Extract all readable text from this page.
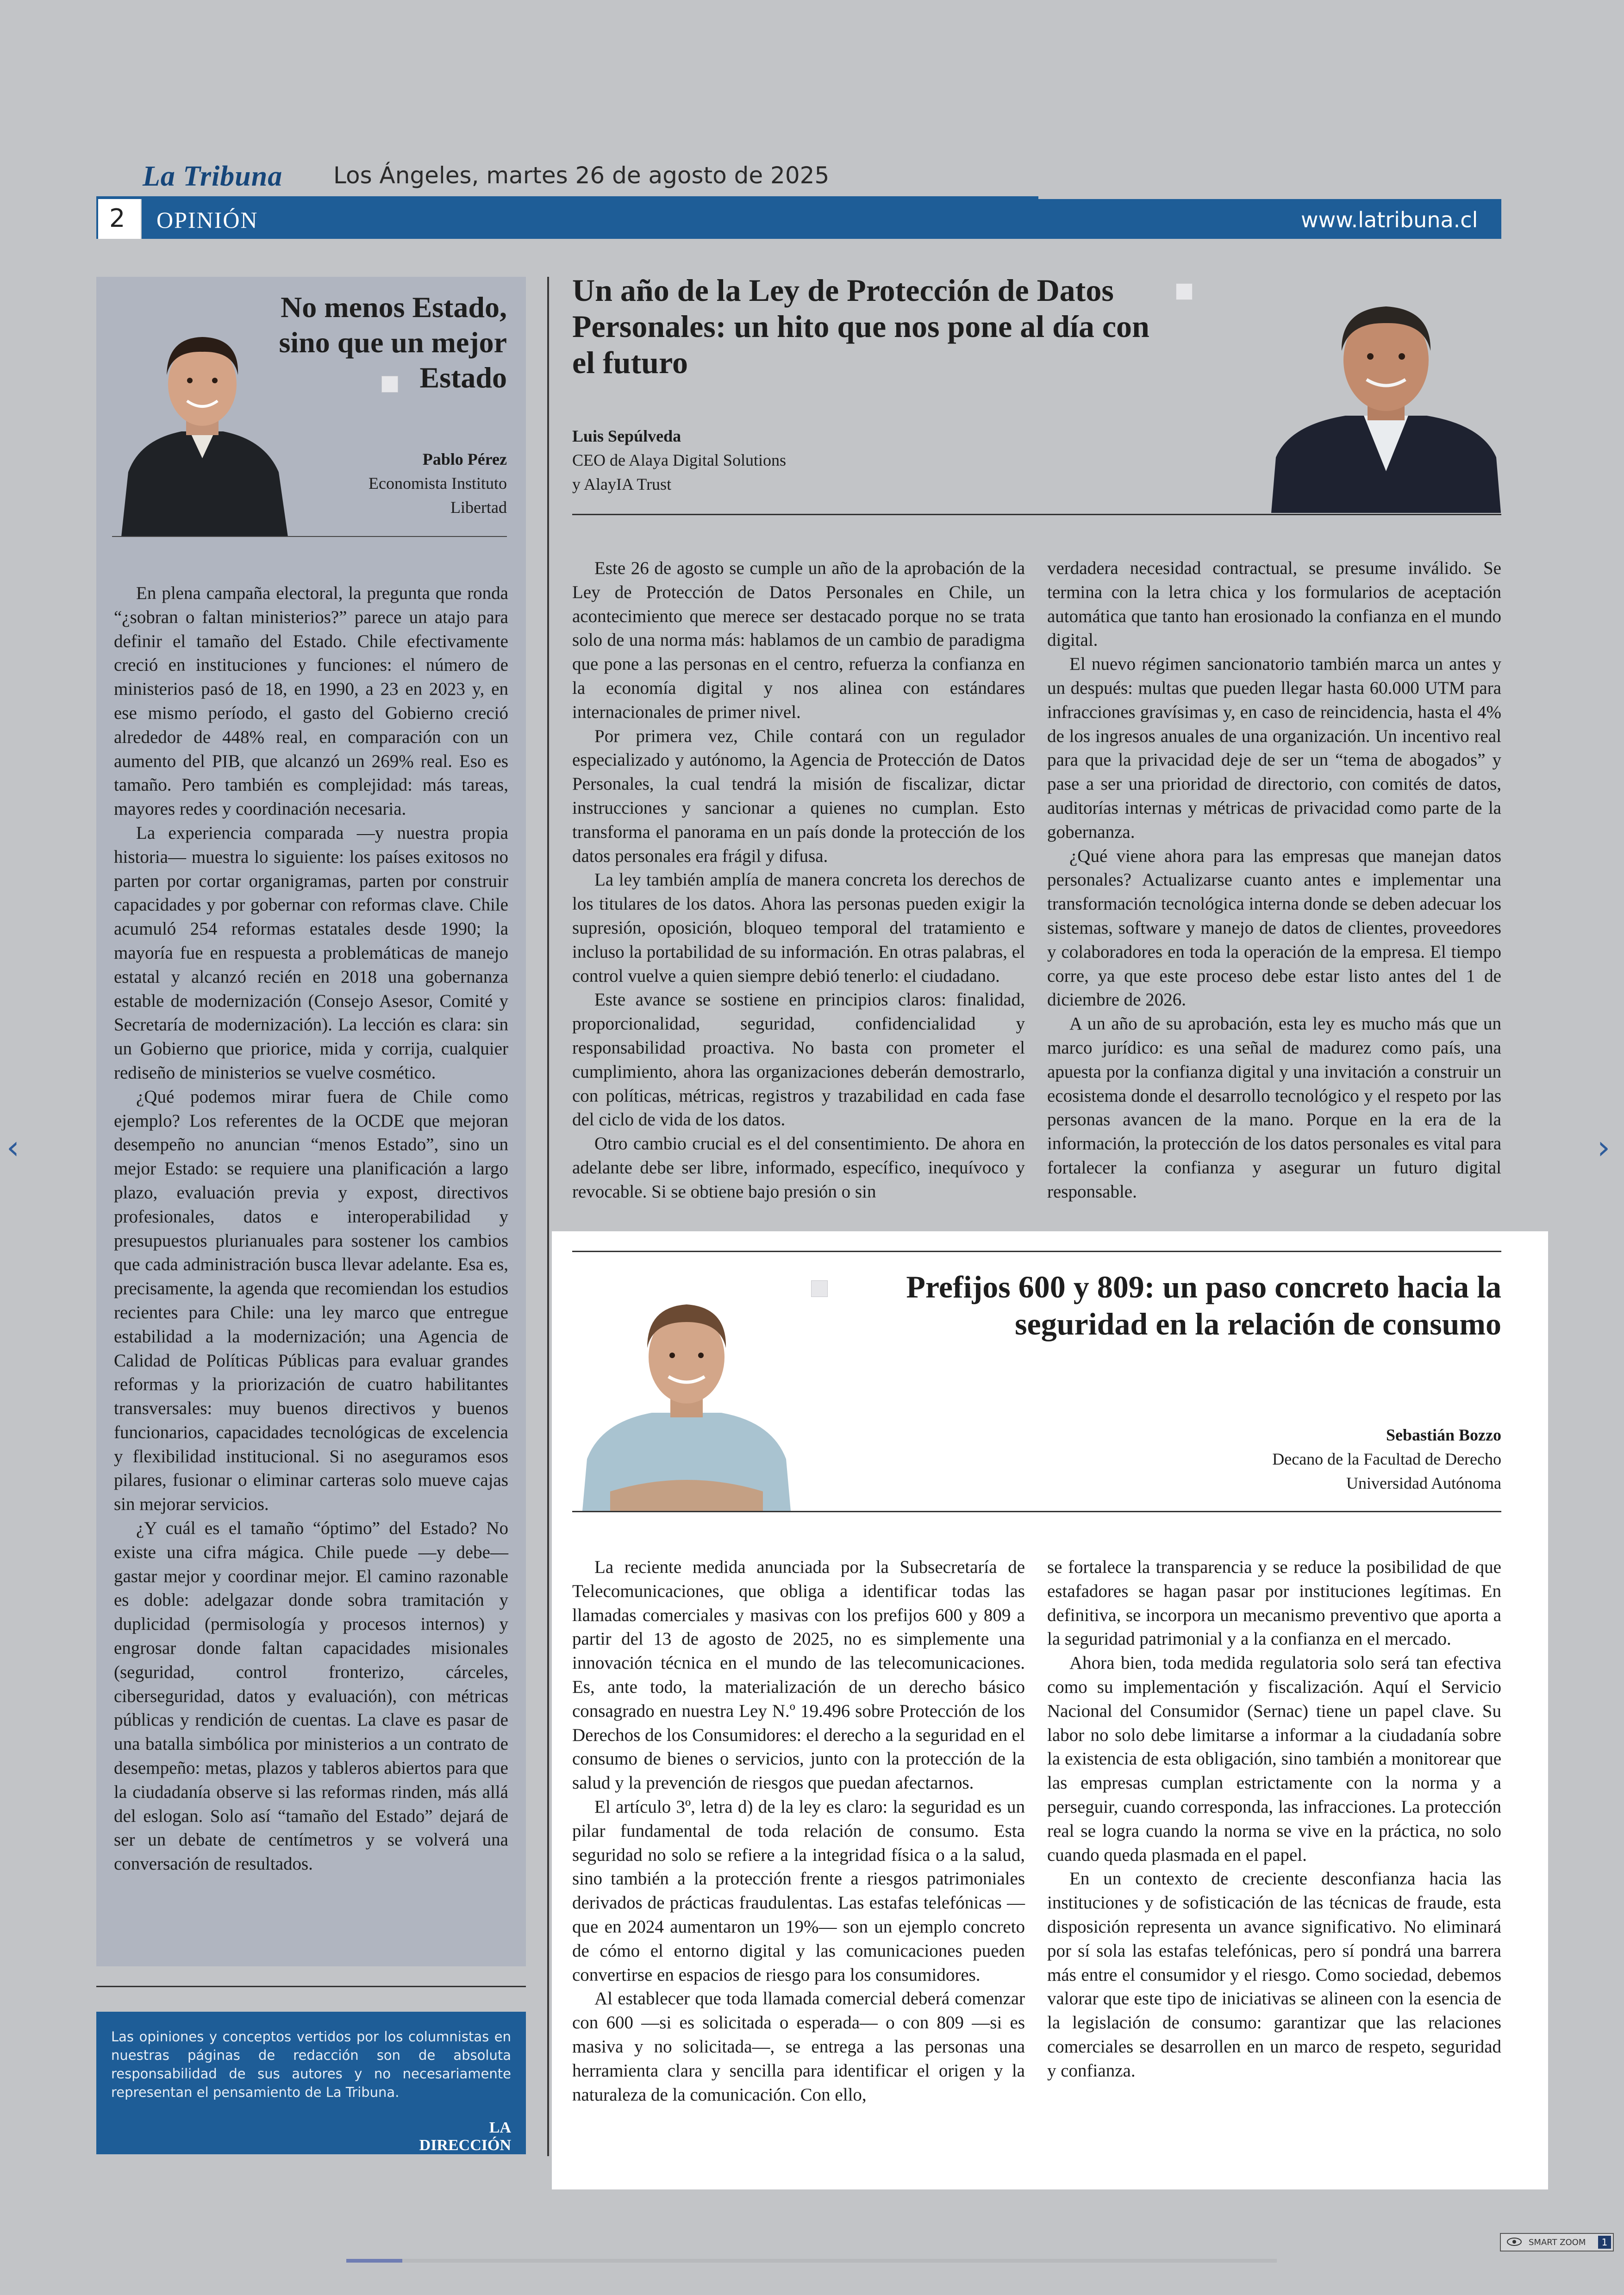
La Tribuna Los Ángeles, martes 26 de agosto de 2025
2 OPINIÓN	www.latribuna.cl
No menos Estado, sino que un mejor Estado
Pablo Pérez
Economista Instituto
Libertad

En plena campaña electoral, la pregunta que ronda “¿sobran o faltan ministerios?” parece un atajo para definir el tamaño del Estado. Chile efectivamente creció en instituciones y funciones: el número de ministerios pasó de 18, en 1990, a 23 en 2023 y, en ese mismo período, el gasto del Gobierno creció alrededor de 448% real, en comparación con un aumento del PIB, que alcanzó un 269% real. Eso es tamaño. Pero también es complejidad: más tareas, mayores redes y coordinación necesaria.

La experiencia comparada —y nuestra propia historia— muestra lo siguiente: los países exitosos no parten por cortar organigramas, parten por construir capacidades y por gobernar con reformas clave. Chile acumuló 254 reformas estatales desde 1990; la mayoría fue en respuesta a problemáticas de manejo estatal y alcanzó recién en 2018 una gobernanza estable de modernización (Consejo Asesor, Comité y Secretaría de modernización). La lección es clara: sin un Gobierno que priorice, mida y corrija, cualquier rediseño de ministerios se vuelve cosmético.

¿Qué podemos mirar fuera de Chile como ejemplo? Los referentes de la OCDE que mejoran desempeño no anuncian “menos Estado”, sino un mejor Estado: se requiere una planificación a largo plazo, evaluación previa y expost, directivos profesionales, datos e interoperabilidad y presupuestos plurianuales para sostener los cambios que cada administración busca llevar adelante. Esa es, precisamente, la agenda que recomiendan los estudios recientes para Chile: una ley marco que entregue estabilidad a la modernización; una Agencia de Calidad de Políticas Públicas para evaluar grandes reformas y la priorización de cuatro habilitantes transversales: muy buenos directivos y buenos funcionarios, capacidades tecnológicas de excelencia y flexibilidad institucional. Si no aseguramos esos pilares, fusionar o eliminar carteras solo mueve cajas sin mejorar servicios.

¿Y cuál es el tamaño “óptimo” del Estado? No existe una cifra mágica. Chile puede —y debe— gastar mejor y coordinar mejor. El camino razonable es doble: adelgazar donde sobra tramitación y duplicidad (permisología y procesos internos) y engrosar donde faltan capacidades misionales (seguridad, control fronterizo, cárceles, ciberseguridad, datos y evaluación), con métricas públicas y rendición de cuentas. La clave es pasar de una batalla simbólica por ministerios a un contrato de desempeño: metas, plazos y tableros abiertos para que la ciudadanía observe si las reformas rinden, más allá del eslogan. Solo así “tamaño del Estado” dejará de ser un debate de centímetros y se volverá una conversación de resultados.

Las opiniones y conceptos vertidos por los columnistas en nuestras páginas de redacción son de absoluta responsabilidad de sus autores y no necesariamente representan el pensamiento de La Tribuna.
LA DIRECCIÓN
Un año de la Ley de Protección de Datos Personales: un hito que nos pone al día con el futuro
Luis Sepúlveda
CEO de Alaya Digital Solutions
y AlayIA Trust

Este 26 de agosto se cumple un año de la aprobación de la Ley de Protección de Datos Personales en Chile, un acontecimiento que merece ser destacado porque no se trata solo de una norma más: hablamos de un cambio de paradigma que pone a las personas en el centro, refuerza la confianza en la economía digital y nos alinea con estándares internacionales de primer nivel.

Por primera vez, Chile contará con un regulador especializado y autónomo, la Agencia de Protección de Datos Personales, la cual tendrá la misión de fiscalizar, dictar instrucciones y sancionar a quienes no cumplan. Esto transforma el panorama en un país donde la protección de los datos personales era frágil y difusa.

La ley también amplía de manera concreta los derechos de los titulares de los datos. Ahora las personas pueden exigir la supresión, oposición, bloqueo temporal del tratamiento e incluso la portabilidad de su información. En otras palabras, el control vuelve a quien siempre debió tenerlo: el ciudadano.

Este avance se sostiene en principios claros: finalidad, proporcionalidad, seguridad, confidencialidad y responsabilidad proactiva. No basta con prometer el cumplimiento, ahora las organizaciones deberán demostrarlo, con políticas, métricas, registros y trazabilidad en cada fase del ciclo de vida de los datos.

Otro cambio crucial es el del consentimiento. De ahora en adelante debe ser libre, informado, específico, inequívoco y revocable. Si se obtiene bajo presión o sin

verdadera necesidad contractual, se presume inválido. Se termina con la letra chica y los formularios de aceptación automática que tanto han erosionado la confianza en el mundo digital.

El nuevo régimen sancionatorio también marca un antes y un después: multas que pueden llegar hasta 60.000 UTM para infracciones gravísimas y, en caso de reincidencia, hasta el 4% de los ingresos anuales de una organización. Un incentivo real para que la privacidad deje de ser un “tema de abogados” y pase a ser una prioridad de directorio, con comités de datos, auditorías internas y métricas de privacidad como parte de la gobernanza.

¿Qué viene ahora para las empresas que manejan datos personales? Actualizarse cuanto antes e implementar una transformación tecnológica interna donde se deben adecuar los sistemas, software y manejo de datos de clientes, proveedores y colaboradores en toda la operación de la empresa. El tiempo corre, ya que este proceso debe estar listo antes del 1 de diciembre de 2026.

A un año de su aprobación, esta ley es mucho más que un marco jurídico: es una señal de madurez como país, una apuesta por la confianza digital y una invitación a construir un ecosistema donde el desarrollo tecnológico y el respeto por las personas avancen de la mano. Porque en la era de la información, la protección de los datos personales es vital para fortalecer la confianza y asegurar un futuro digital responsable.

Prefijos 600 y 809: un paso concreto hacia la seguridad en la relación de consumo
Sebastián Bozzo
Decano de la Facultad de Derecho
Universidad Autónoma

La reciente medida anunciada por la Subsecretaría de Telecomunicaciones, que obliga a identificar todas las llamadas comerciales y masivas con los prefijos 600 y 809 a partir del 13 de agosto de 2025, no es simplemente una innovación técnica en el mundo de las telecomunicaciones. Es, ante todo, la materialización de un derecho básico consagrado en nuestra Ley N.º 19.496 sobre Protección de los Derechos de los Consumidores: el derecho a la seguridad en el consumo de bienes o servicios, junto con la protección de la salud y la prevención de riesgos que puedan afectarnos.

El artículo 3º, letra d) de la ley es claro: la seguridad es un pilar fundamental de toda relación de consumo. Esta seguridad no solo se refiere a la integridad física o a la salud, sino también a la protección frente a riesgos patrimoniales derivados de prácticas fraudulentas. Las estafas telefónicas —que en 2024 aumentaron un 19%— son un ejemplo concreto de cómo el entorno digital y las comunicaciones pueden convertirse en espacios de riesgo para los consumidores.

Al establecer que toda llamada comercial deberá comenzar con 600 —si es solicitada o esperada— o con 809 —si es masiva y no solicitada—, se entrega a las personas una herramienta clara y sencilla para identificar el origen y la naturaleza de la comunicación. Con ello,

se fortalece la transparencia y se reduce la posibilidad de que estafadores se hagan pasar por instituciones legítimas. En definitiva, se incorpora un mecanismo preventivo que aporta a la seguridad patrimonial y a la confianza en el mercado.

Ahora bien, toda medida regulatoria solo será tan efectiva como su implementación y fiscalización. Aquí el Servicio Nacional del Consumidor (Sernac) tiene un papel clave. Su labor no solo debe limitarse a informar a la ciudadanía sobre la existencia de esta obligación, sino también a monitorear que las empresas cumplan estrictamente con la norma y a perseguir, cuando corresponda, las infracciones. La protección real se logra cuando la norma se vive en la práctica, no solo cuando queda plasmada en el papel.

En un contexto de creciente desconfianza hacia las instituciones y de sofisticación de las técnicas de fraude, esta disposición representa un avance significativo. No eliminará por sí sola las estafas telefónicas, pero sí pondrá una barrera más entre el consumidor y el riesgo. Como sociedad, debemos valorar que este tipo de iniciativas se alineen con la esencia de la legislación de consumo: garantizar que las relaciones comerciales se desarrollen en un marco de respeto, seguridad y confianza.

‹	›
SMART ZOOM	1
